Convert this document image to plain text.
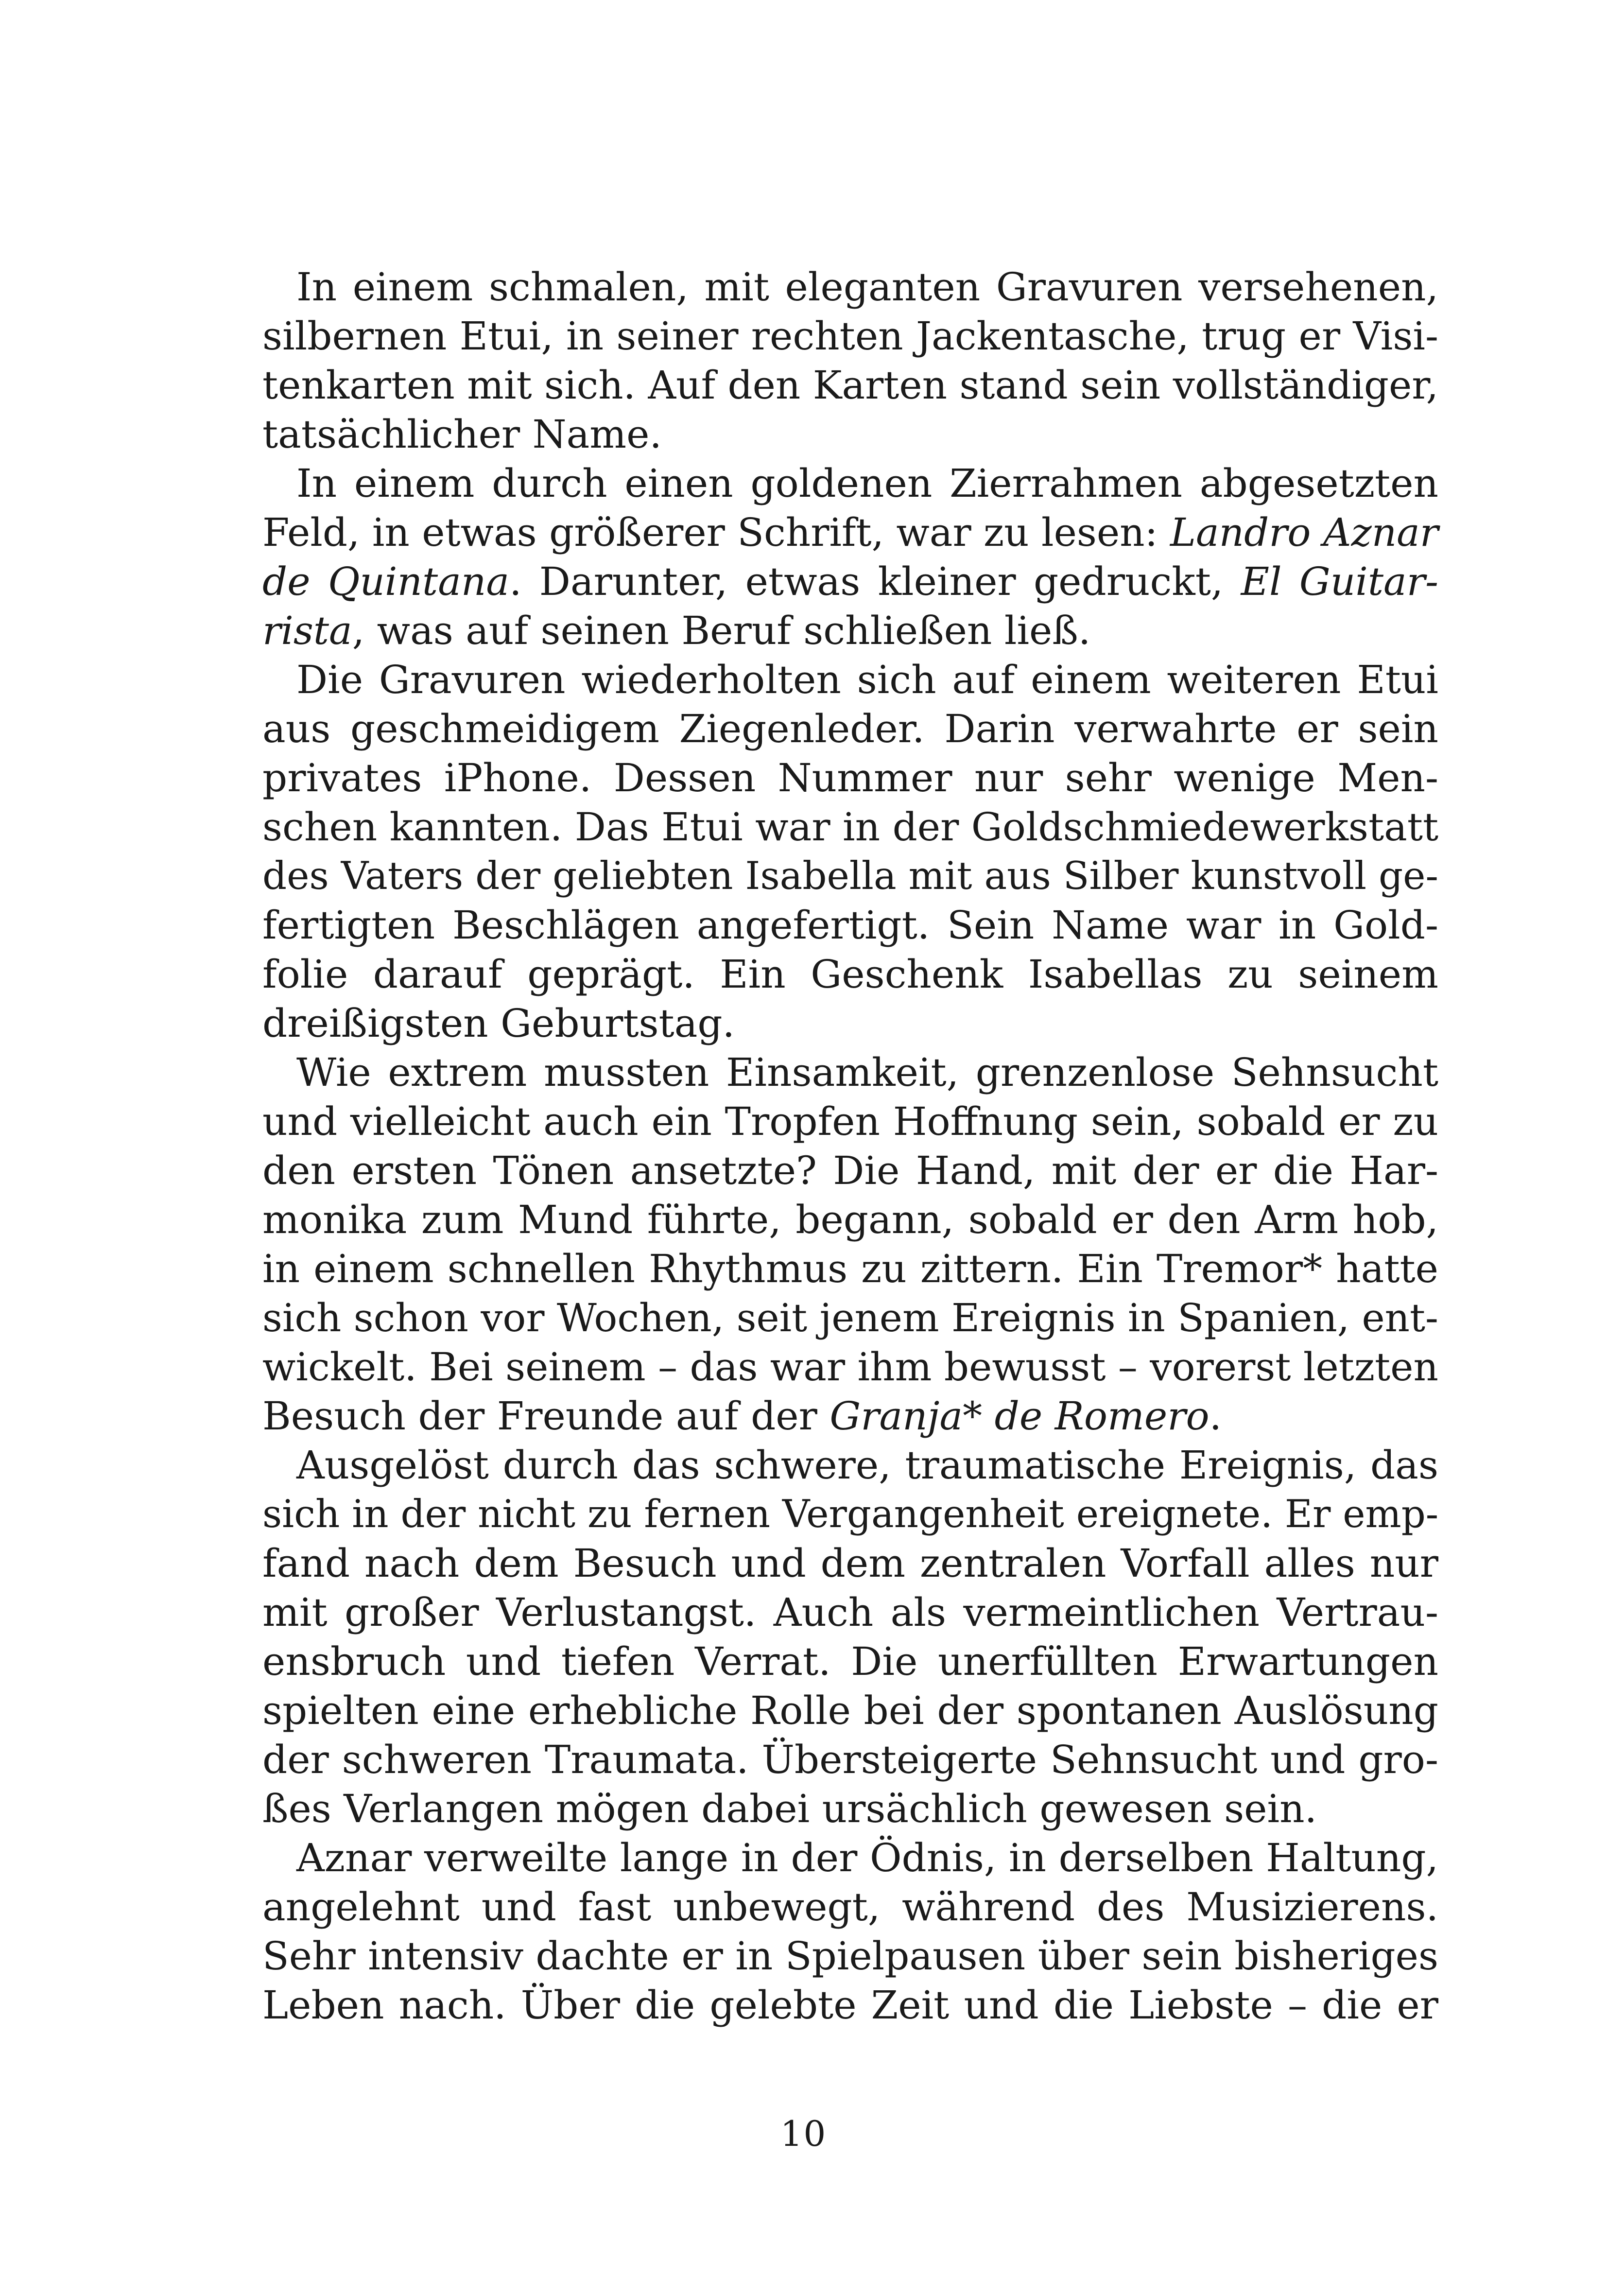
In einem schmalen, mit eleganten Gravuren versehenen,
silbernen Etui, in seiner rechten Jackentasche, trug er Visi-
tenkarten mit sich. Auf den Karten stand sein vollständiger,
tatsächlicher Name.
In einem durch einen goldenen Zierrahmen abgesetzten
Feld, in etwas größerer Schrift, war zu lesen: Landro Aznar
de Quintana. Darunter, etwas kleiner gedruckt, El Guitar-
rista, was auf seinen Beruf schließen ließ.
Die Gravuren wiederholten sich auf einem weiteren Etui
aus geschmeidigem Ziegenleder. Darin verwahrte er sein
privates iPhone. Dessen Nummer nur sehr wenige Men-
schen kannten. Das Etui war in der Goldschmiedewerkstatt
des Vaters der geliebten Isabella mit aus Silber kunstvoll ge-
fertigten Beschlägen angefertigt. Sein Name war in Gold-
folie darauf geprägt. Ein Geschenk Isabellas zu seinem
dreißigsten Geburtstag.
Wie extrem mussten Einsamkeit, grenzenlose Sehnsucht
und vielleicht auch ein Tropfen Hoffnung sein, sobald er zu
den ersten Tönen ansetzte? Die Hand, mit der er die Har-
monika zum Mund führte, begann, sobald er den Arm hob,
in einem schnellen Rhythmus zu zittern. Ein Tremor* hatte
sich schon vor Wochen, seit jenem Ereignis in Spanien, ent-
wickelt. Bei seinem – das war ihm bewusst – vorerst letzten
Besuch der Freunde auf der Granja* de Romero.
Ausgelöst durch das schwere, traumatische Ereignis, das
sich in der nicht zu fernen Vergangenheit ereignete. Er emp-
fand nach dem Besuch und dem zentralen Vorfall alles nur
mit großer Verlustangst. Auch als vermeintlichen Vertrau-
ensbruch und tiefen Verrat. Die unerfüllten Erwartungen
spielten eine erhebliche Rolle bei der spontanen Auslösung
der schweren Traumata. Übersteigerte Sehnsucht und gro-
ßes Verlangen mögen dabei ursächlich gewesen sein.
Aznar verweilte lange in der Ödnis, in derselben Haltung,
angelehnt und fast unbewegt, während des Musizierens.
Sehr intensiv dachte er in Spielpausen über sein bisheriges
Leben nach. Über die gelebte Zeit und die Liebste – die er
10
